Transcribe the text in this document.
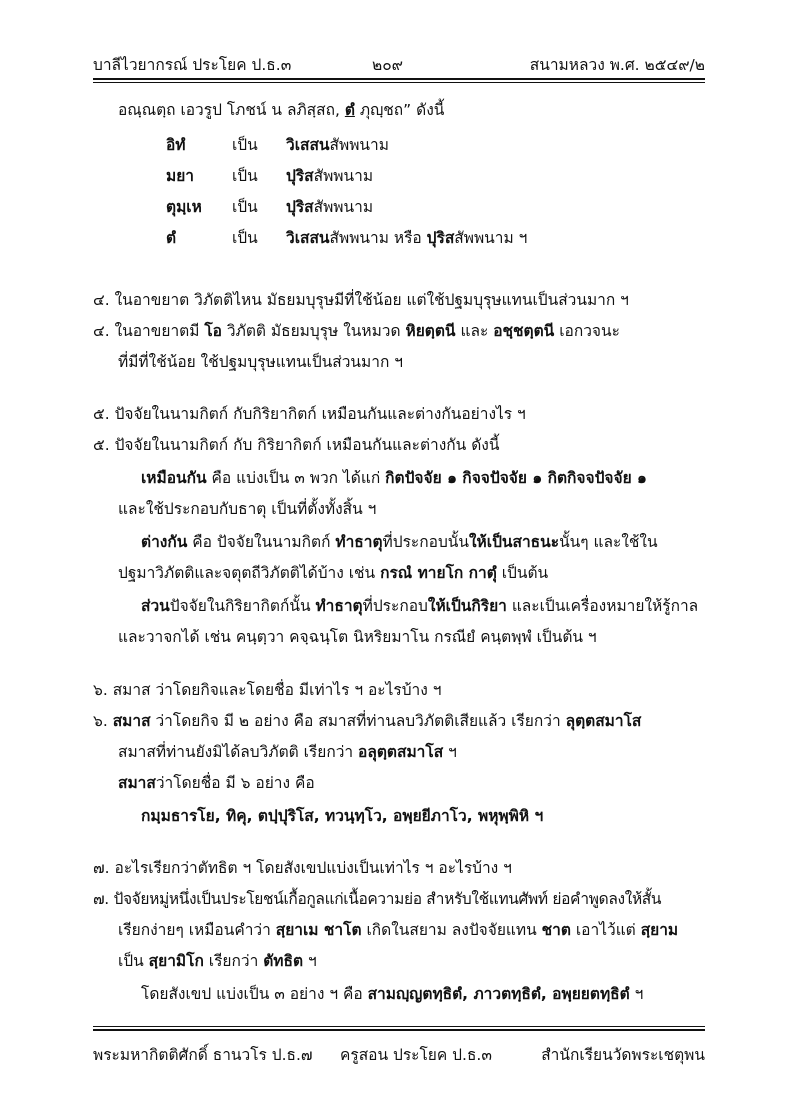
บาลีไวยากรณ์ ประโยค ป.ธ.๓	๒๐๙	สนามหลวง พ.ศ. ๒๕๔๙/๒
อณฺณตฺถ เอวรูป โภชน์ น ลภิสฺสถ, ตํ ภุญฺชถ” ดังนี้
อิทํ	เป็น วิเสสนสัพพนาม
มยา เป็น ปุริสสัพพนาม
ตุมฺเห เป็น ปุริสสัพพนาม
ตํ	เป็น วิเสสนสัพพนาม หรือ ปุริสสัพพนาม ฯ
๔. ในอาขยาต วิภัตติไหน มัธยมบุรุษมีที่ใช้น้อย แต่ใช้ปฐมบุรุษแทนเป็นส่วนมาก ฯ
๔. ในอาขยาตมี โอ วิภัตติ มัธยมบุรุษ ในหมวด หิยตฺตนี และ อชฺชตฺตนี เอกวจนะ
ที่มีที่ใช้น้อย ใช้ปฐมบุรุษแทนเป็นส่วนมาก ฯ
๕. ปัจจัยในนามกิตก์ กับกิริยากิตก์ เหมือนกันและต่างกันอย่างไร ฯ
๕. ปัจจัยในนามกิตก์ กับ กิริยากิตก์ เหมือนกันและต่างกัน ดังนี้
เหมือนกัน คือ แบ่งเป็น ๓ พวก ได้แก่ กิตปัจจัย ๑ กิจจปัจจัย ๑ กิตกิจจปัจจัย ๑
และใช้ประกอบกับธาตุ เป็นที่ตั้งทั้งสิ้น ฯ
ต่างกัน คือ ปัจจัยในนามกิตก์ ทำธาตุที่ประกอบนั้นให้เป็นสาธนะนั้นๆ และใช้ใน
ปฐมาวิภัตติและจตุตถีวิภัตติได้บ้าง เช่น กรณํ ทายโก กาตุํ เป็นต้น
ส่วนปัจจัยในกิริยากิตก์นั้น ทำธาตุที่ประกอบให้เป็นกิริยา และเป็นเครื่องหมายให้รู้กาล
และวาจกได้ เช่น คนฺตฺวา คจฺฉนฺโต นิหริยมาโน กรณียํ คนฺตพฺพํ เป็นต้น ฯ
๖. สมาส ว่าโดยกิจและโดยชื่อ มีเท่าไร ฯ อะไรบ้าง ฯ
๖. สมาส ว่าโดยกิจ มี ๒ อย่าง คือ สมาสที่ท่านลบวิภัตติเสียแล้ว เรียกว่า ลุตฺตสมาโส
สมาสที่ท่านยังมิได้ลบวิภัตติ เรียกว่า อลุตฺตสมาโส ฯ
สมาสว่าโดยชื่อ มี ๖ อย่าง คือ
กมฺมธารโย, ทิคุ, ตปฺปุริโส, ทวนฺทฺโว, อพฺยยีภาโว, พหุพฺพิหิ ฯ
๗. อะไรเรียกว่าตัทธิต ฯ โดยสังเขปแบ่งเป็นเท่าไร ฯ อะไรบ้าง ฯ
๗. ปัจจัยหมู่หนึ่งเป็นประโยชน์เกื้อกูลแก่เนื้อความย่อ สำหรับใช้แทนศัพท์ ย่อคำพูดลงให้สั้น
เรียกง่ายๆ เหมือนคำว่า สฺยาเม ชาโต เกิดในสยาม ลงปัจจัยแทน ชาต เอาไว้แต่ สฺยาม
เป็น สฺยามิโก เรียกว่า ตัทธิต ฯ
โดยสังเขป แบ่งเป็น ๓ อย่าง ฯ คือ สามญฺญตทฺธิตํ, ภาวตทฺธิตํ, อพฺยยตทฺธิตํ ฯ
พระมหากิตติศักดิ์ ธานวโร ป.ธ.๗ ครูสอน ประโยค ป.ธ.๓	สำนักเรียนวัดพระเชตุพน
